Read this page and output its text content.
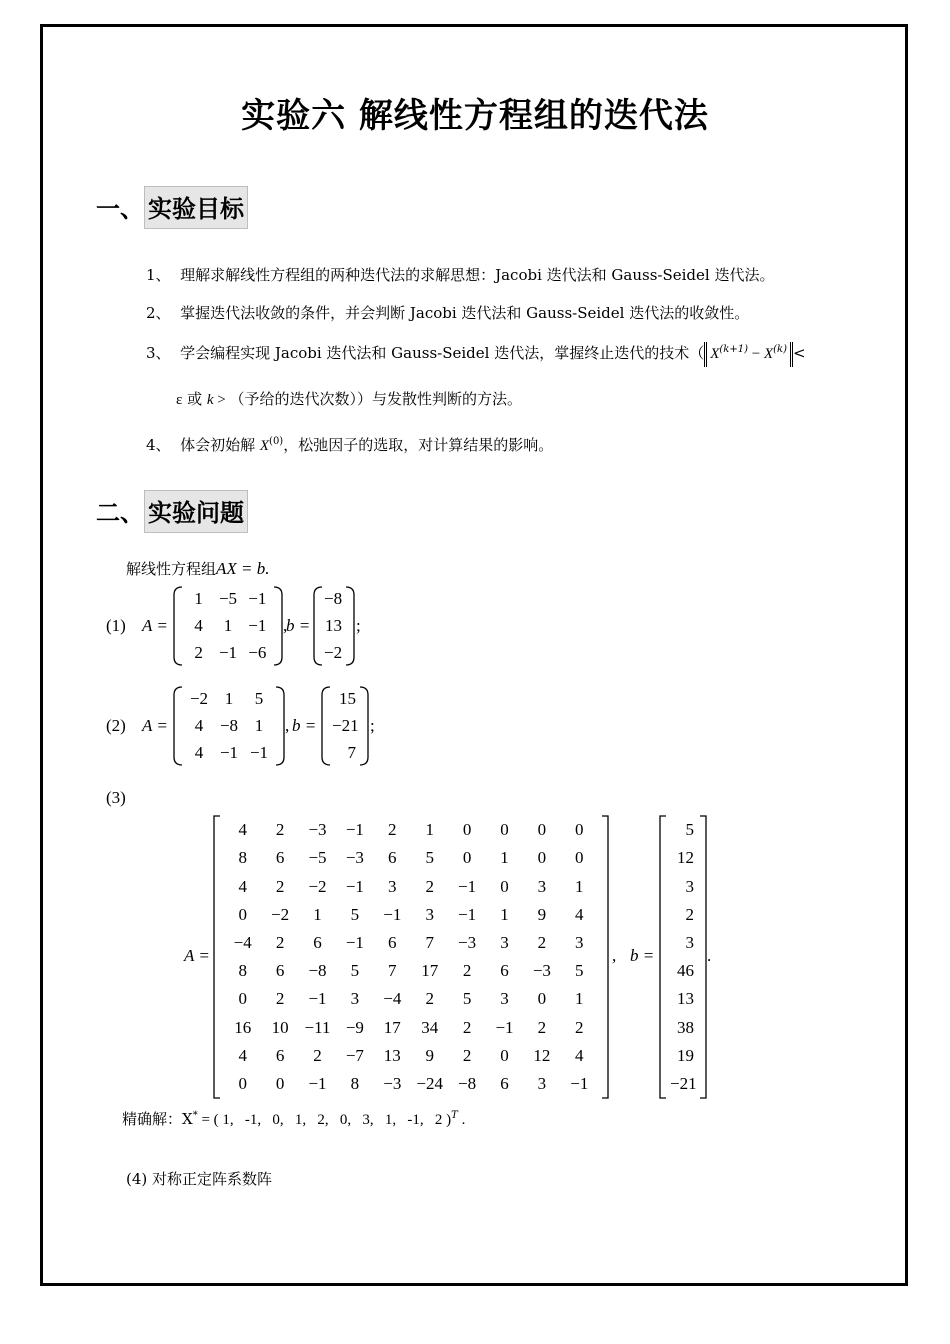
实验六 解线性方程组的迭代法
一、 实验目标
1、 理解求解线性方程组的两种迭代法的求解思想：Jacobi 迭代法和 Gauss-Seidel 迭代法。
2、 掌握迭代法收敛的条件，并会判断 Jacobi 迭代法和 Gauss-Seidel 迭代法的收敛性。
3、 学会编程实现 Jacobi 迭代法和 Gauss-Seidel 迭代法，掌握终止迭代的技术（ $X^{(k+1)} - X^{(k)}$ <
ε 或 k > （予给的迭代次数））与发散性判断的方法。
4、 体会初始解 $X^{(0)}$，松弛因子的选取，对计算结果的影响。
二、 实验问题
解线性方程组AX = b.
(1) A =
1 −5 −1
4	1 −1
2 −1 −6
,
b =
−8
13
−2
;
(2) A =
−2 1	5
4 −8 1
4 −1 −1
, b =
15
−21
7
;
(3)
A =
4	2	−3	−1	2	1	0	0	0	0
8	6	−5	−3	6	5	0	1	0	0
4	2	−2	−1	3	2	−1	0	3	1
0	−2	1	5	−1	3	−1	1	9	4
−4	2	6	−1	6	7	−3	3	2	3
8	6	−8	5	7	17	2	6	−3	5
0	2	−1	3	−4	2	5	3	0	1
16	10 −11 −9	17	34	2	−1	2	2
4	6	2	−7	13	9	2	0	12	4
0	0	−1	8	−3 −24 −8	6	3	−1
, b =
5
12
3
2
3
46
13
38
19
−21
.
精确解：X* = ( 1,   -1,   0,   1,   2,   0,   3,   1,   -1,   2 )$^T$ .
(4) 对称正定阵系数阵
